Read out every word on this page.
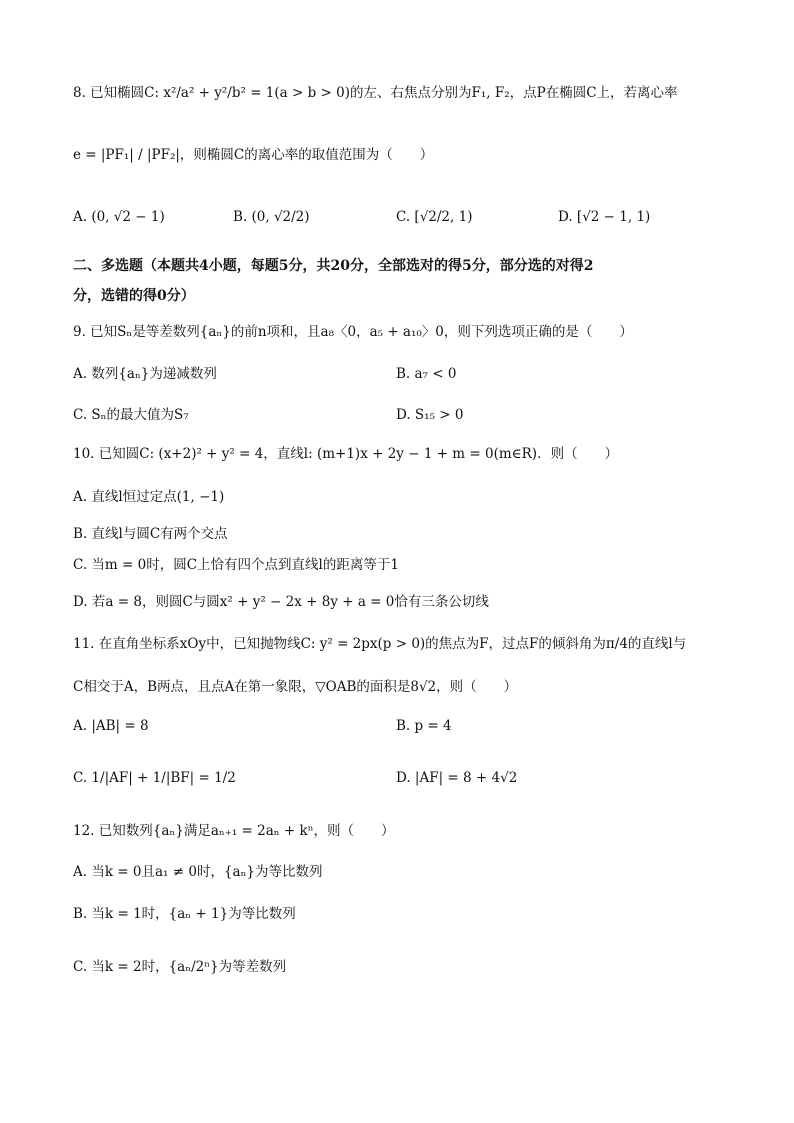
8. 已知椭圆C: x²/a² + y²/b² = 1(a > b > 0)的左、右焦点分别为F₁, F₂，点P在椭圆C上，若离心率
e = |PF₁| / |PF₂|，则椭圆C的离心率的取值范围为（　　）
A. (0, √2 − 1)	B. (0, √2/2)	C. [√2/2, 1)	D. [√2 − 1, 1)
二、多选题（本题共4小题，每题5分，共20分，全部选对的得5分，部分选的对得2
分，选错的得0分）
9. 已知Sₙ是等差数列{aₙ}的前n项和，且a₈〈0，a₅ + a₁₀〉0，则下列选项正确的是（　　）
A. 数列{aₙ}为递减数列	B. a₇ < 0
C. Sₙ的最大值为S₇	D. S₁₅ > 0
10. 已知圆C: (x+2)² + y² = 4，直线l: (m+1)x + 2y − 1 + m = 0(m∈R)．则（　　）
A. 直线l恒过定点(1, −1)
B. 直线l与圆C有两个交点
C. 当m = 0时，圆C上恰有四个点到直线l的距离等于1
D. 若a = 8，则圆C与圆x² + y² − 2x + 8y + a = 0恰有三条公切线
11. 在直角坐标系xOy中，已知抛物线C: y² = 2px(p > 0)的焦点为F，过点F的倾斜角为π/4的直线l与
C相交于A，B两点，且点A在第一象限，▽OAB的面积是8√2，则（　　）
A. |AB| = 8	B. p = 4
C. 1/|AF| + 1/|BF| = 1/2	D. |AF| = 8 + 4√2
12. 已知数列{aₙ}满足aₙ₊₁ = 2aₙ + kⁿ，则（　　）
A. 当k = 0且a₁ ≠ 0时，{aₙ}为等比数列
B. 当k = 1时，{aₙ + 1}为等比数列
C. 当k = 2时，{aₙ/2ⁿ}为等差数列
